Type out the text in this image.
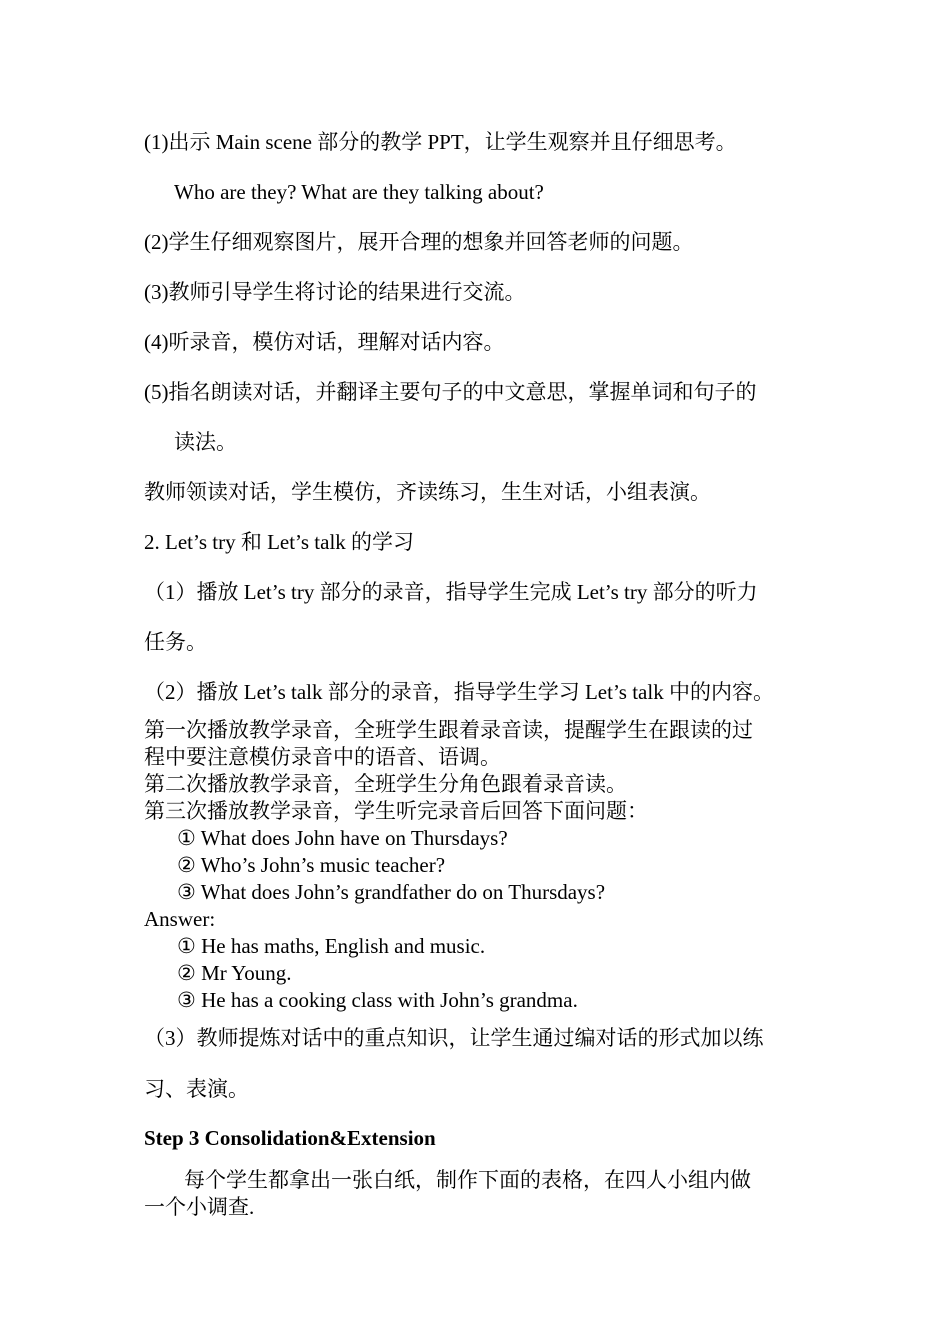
(1)出示 Main scene 部分的教学 PPT，让学生观察并且仔细思考。
Who are they? What are they talking about?
(2)学生仔细观察图片，展开合理的想象并回答老师的问题。
(3)教师引导学生将讨论的结果进行交流。
(4)听录音，模仿对话，理解对话内容。
(5)指名朗读对话，并翻译主要句子的中文意思，掌握单词和句子的
读法。
教师领读对话，学生模仿，齐读练习，生生对话，小组表演。
2. Let’s try 和 Let’s talk 的学习
（1）播放 Let’s try 部分的录音，指导学生完成 Let’s try 部分的听力
任务。
（2）播放 Let’s talk 部分的录音，指导学生学习 Let’s talk 中的内容。
第一次播放教学录音，全班学生跟着录音读，提醒学生在跟读的过
程中要注意模仿录音中的语音、语调。
第二次播放教学录音，全班学生分角色跟着录音读。
第三次播放教学录音，学生听完录音后回答下面问题：
① What does John have on Thursdays?
② Who’s John’s music teacher?
③ What does John’s grandfather do on Thursdays?
Answer:
① He has maths, English and music.
② Mr Young.
③ He has a cooking class with John’s grandma.
（3）教师提炼对话中的重点知识，让学生通过编对话的形式加以练
习、表演。
Step 3 Consolidation&Extension
每个学生都拿出一张白纸，制作下面的表格，在四人小组内做
一个小调查.
